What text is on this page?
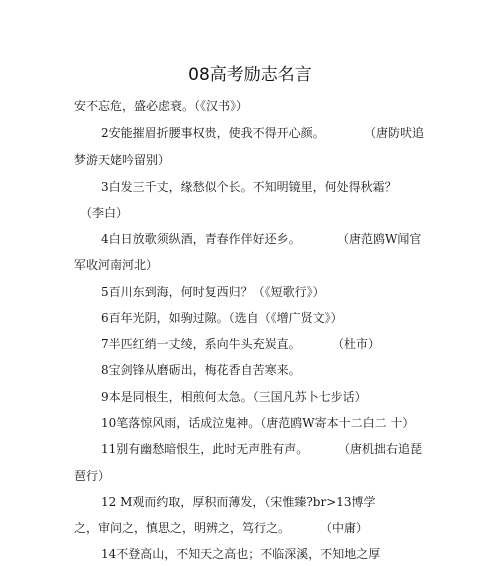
08高考励志名言
安不忘危，盛必虑衰。（《汉书》）
2安能摧眉折腰事权贵，使我不得开心颜。	（唐防吠追
梦游天姥吟留别）
3白发三千丈，缘愁似个长。不知明镜里，何处得秋霜？
（李白）
4白日放歌须纵酒，青春作伴好还乡。	（唐范鸥W闻官
军收河南河北）
5百川东到海，何时复西归？（《短歌行》）
6百年光阴，如驹过隙。（选自（《增广贤文》）
7半匹红绡一丈绫，系向牛头充炭直。	（杜市）
8宝剑锋从磨砺出，梅花香自苦寒来。
9本是同根生，相煎何太急。（三国凡苏卜七步话）
10笔落惊风雨，话成泣鬼神。（唐范鸥W寄本十二白二 十）
11别有幽愁暗恨生，此时无声胜有声。 （唐机拙右追琵
琶行）
12 M观而约取，厚积而薄发，（宋惟臻?br>13博学
之，审问之，慎思之，明辨之，笃行之。 （中庸）
14不登高山，不知天之高也；不临深溪，不知地之厚
